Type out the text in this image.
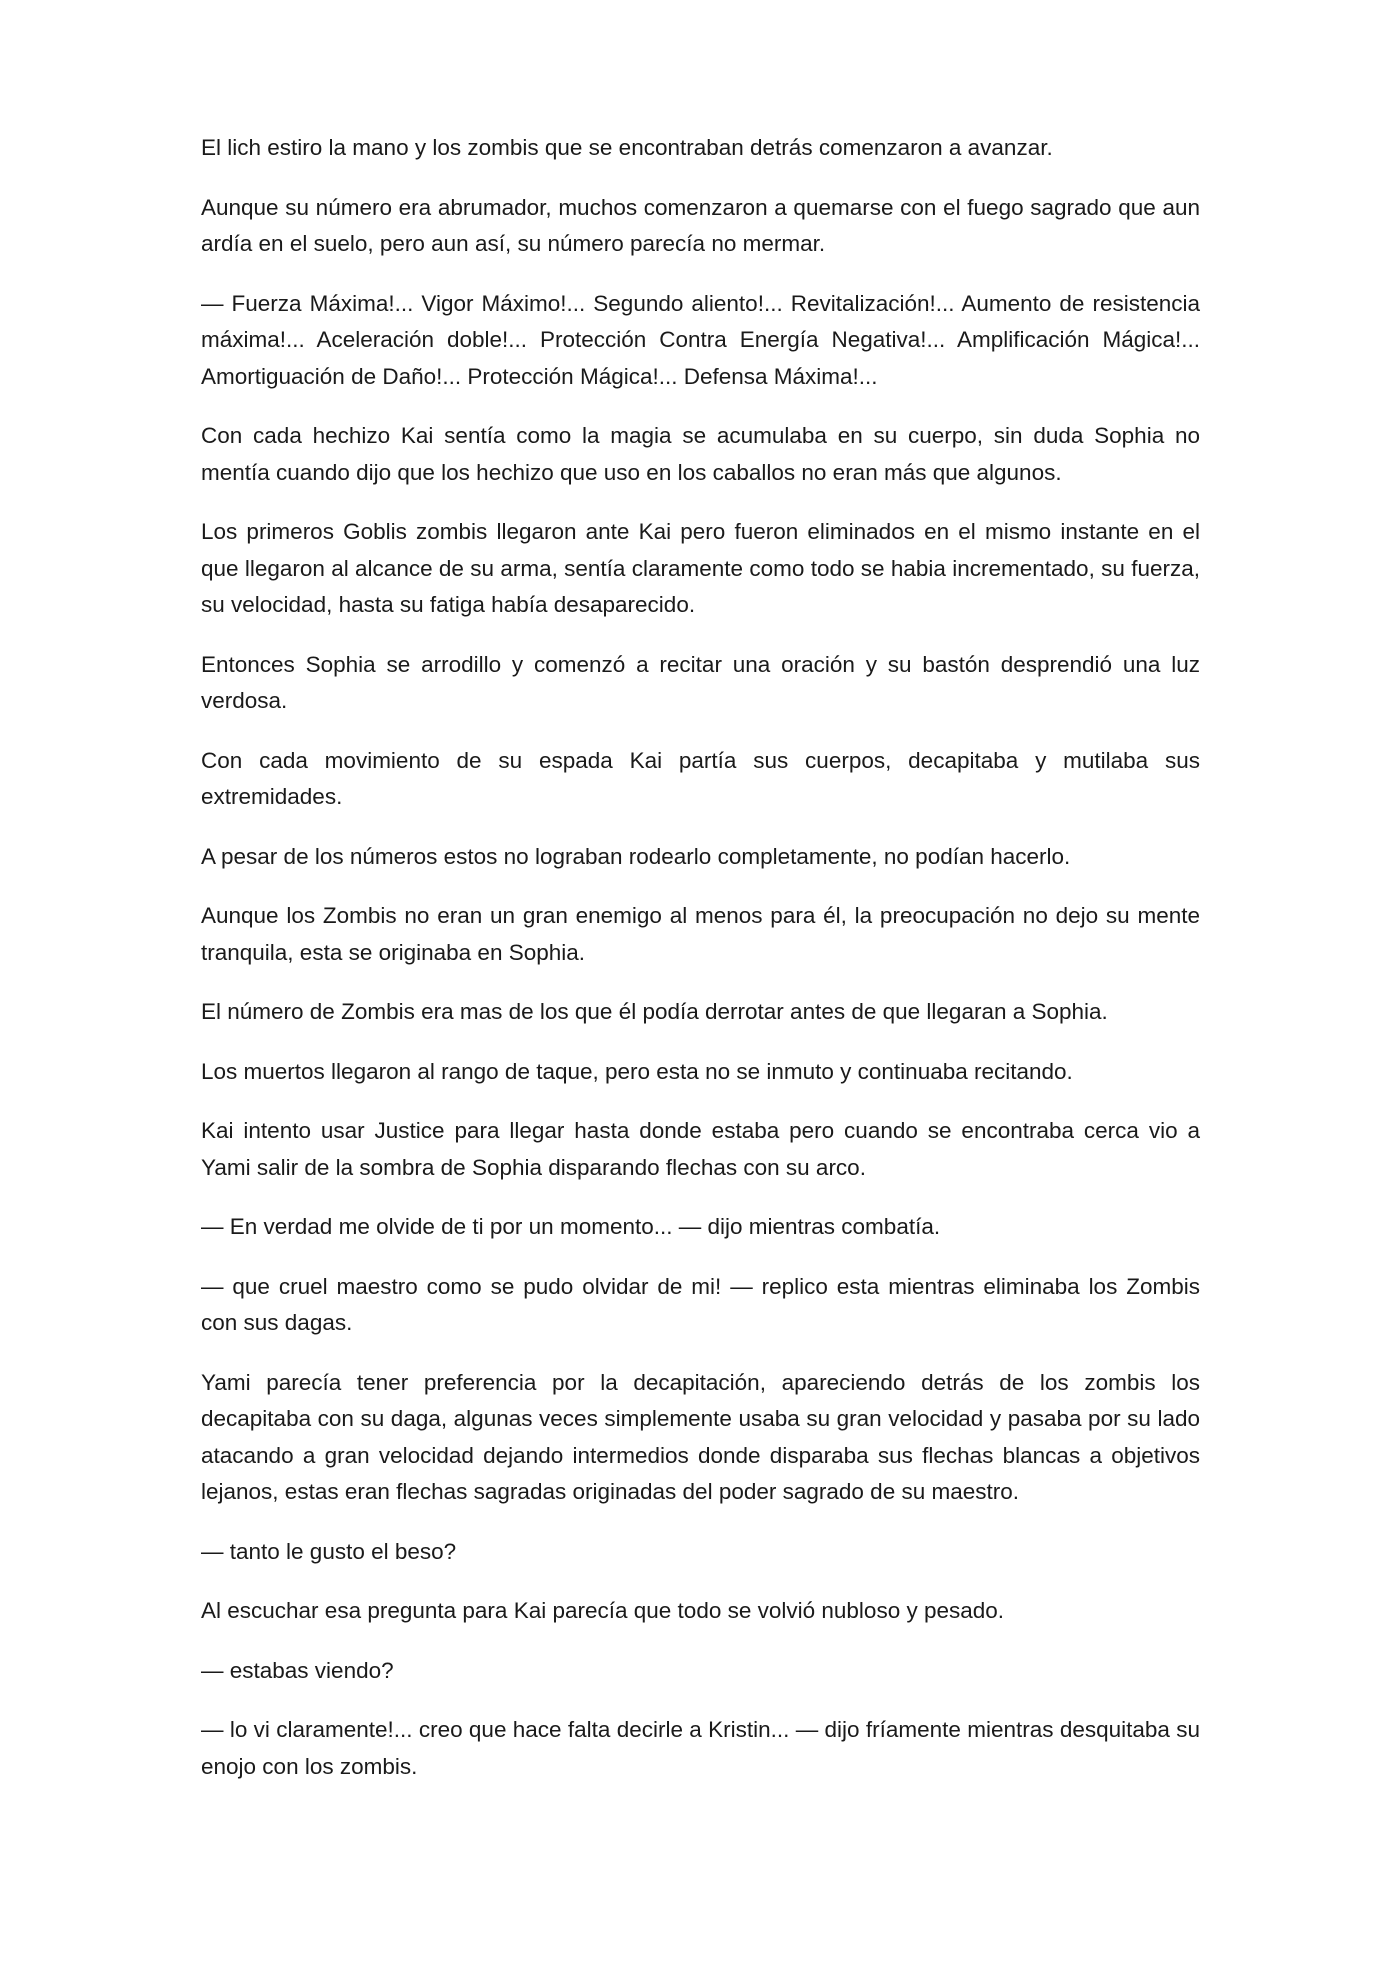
El lich estiro la mano y los zombis que se encontraban detrás comenzaron a avanzar.

Aunque su número era abrumador, muchos comenzaron a quemarse con el fuego sagrado que aun ardía en el suelo, pero aun así, su número parecía no mermar.

— Fuerza Máxima!... Vigor Máximo!... Segundo aliento!... Revitalización!... Aumento de resistencia máxima!... Aceleración doble!... Protección Contra Energía Negativa!... Amplificación Mágica!... Amortiguación de Daño!... Protección Mágica!... Defensa Máxima!...

Con cada hechizo Kai sentía como la magia se acumulaba en su cuerpo, sin duda Sophia no mentía cuando dijo que los hechizo que uso en los caballos no eran más que algunos.

Los primeros Goblis zombis llegaron ante Kai pero fueron eliminados en el mismo instante en el que llegaron al alcance de su arma, sentía claramente como todo se habia incrementado, su fuerza, su velocidad, hasta su fatiga había desaparecido.

Entonces Sophia se arrodillo y comenzó a recitar una oración y su bastón desprendió una luz verdosa.

Con cada movimiento de su espada Kai partía sus cuerpos, decapitaba y mutilaba sus extremidades.

A pesar de los números estos no lograban rodearlo completamente, no podían hacerlo.

Aunque los Zombis no eran un gran enemigo al menos para él, la preocupación no dejo su mente tranquila, esta se originaba en Sophia.

El número de Zombis era mas de los que él podía derrotar antes de que llegaran a Sophia.

Los muertos llegaron al rango de taque, pero esta no se inmuto y continuaba recitando.

Kai intento usar Justice para llegar hasta donde estaba pero cuando se encontraba cerca vio a Yami salir de la sombra de Sophia disparando flechas con su arco.

— En verdad me olvide de ti por un momento... — dijo mientras combatía.

— que cruel maestro como se pudo olvidar de mi! — replico esta mientras eliminaba los Zombis con sus dagas.

Yami parecía tener preferencia por la decapitación, apareciendo detrás de los zombis los decapitaba con su daga, algunas veces simplemente usaba su gran velocidad y pasaba por su lado atacando a gran velocidad dejando intermedios donde disparaba sus flechas blancas a objetivos lejanos, estas eran flechas sagradas originadas del poder sagrado de su maestro.

— tanto le gusto el beso?

Al escuchar esa pregunta para Kai parecía que todo se volvió nubloso y pesado.

— estabas viendo?

— lo vi claramente!... creo que hace falta decirle a Kristin... — dijo fríamente mientras desquitaba su enojo con los zombis.
